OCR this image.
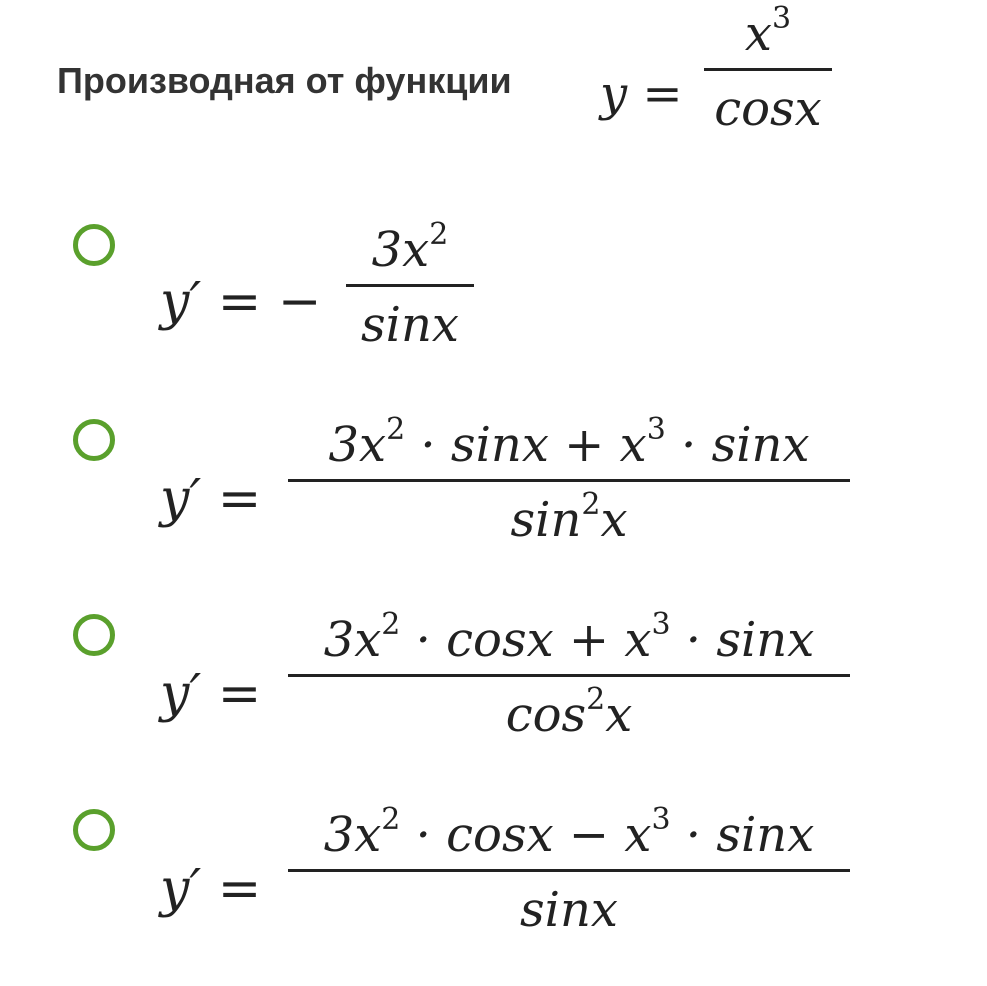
Производная от функции y =
$x^3$
cosx
y′ = −
$3x^2$
sinx
y′ =
$3x^2 \cdot \sin x + x^3 \cdot \sin x$
$\sin^2x$
y′ =
$3x^2 \cdot \cos x + x^3 \cdot \sin x$
$\cos^2x$
y′ =
$3x^2 \cdot \cos x - x^3 \cdot \sin x$
sinx
